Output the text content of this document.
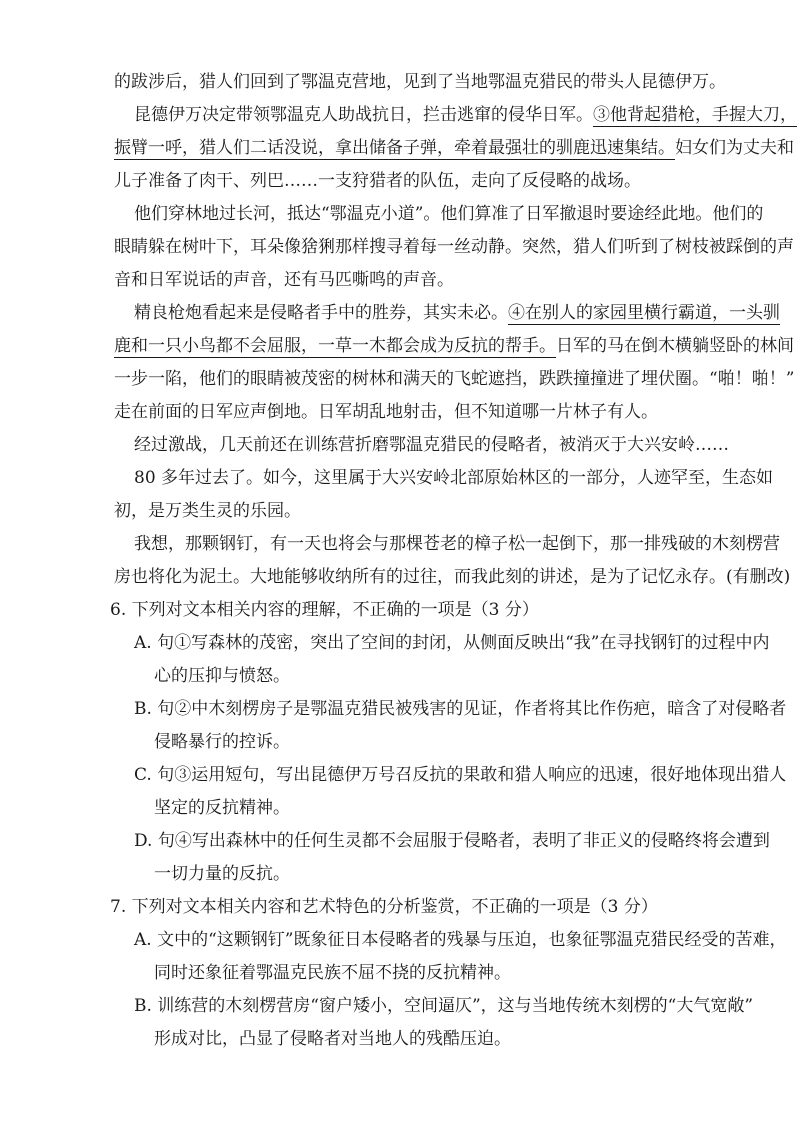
的跋涉后，猎人们回到了鄂温克营地，见到了当地鄂温克猎民的带头人昆德伊万。
昆德伊万决定带领鄂温克人助战抗日，拦击逃窜的侵华日军。③他背起猎枪，手握大刀，
振臂一呼，猎人们二话没说，拿出储备子弹，牵着最强壮的驯鹿迅速集结。妇女们为丈夫和
儿子准备了肉干、列巴……一支狩猎者的队伍，走向了反侵略的战场。
他们穿林地过长河，抵达“鄂温克小道”。他们算准了日军撤退时要途经此地。他们的
眼睛躲在树叶下，耳朵像猞猁那样搜寻着每一丝动静。突然，猎人们听到了树枝被踩倒的声
音和日军说话的声音，还有马匹嘶鸣的声音。
精良枪炮看起来是侵略者手中的胜券，其实未必。④在别人的家园里横行霸道，一头驯
鹿和一只小鸟都不会屈服，一草一木都会成为反抗的帮手。日军的马在倒木横躺竖卧的林间
一步一陷，他们的眼睛被茂密的树林和满天的飞蛇遮挡，跌跌撞撞进了埋伏圈。“啪！啪！”
走在前面的日军应声倒地。日军胡乱地射击，但不知道哪一片林子有人。
经过激战，几天前还在训练营折磨鄂温克猎民的侵略者，被消灭于大兴安岭……
80 多年过去了。如今，这里属于大兴安岭北部原始林区的一部分，人迹罕至，生态如
初，是万类生灵的乐园。
我想，那颗钢钉，有一天也将会与那棵苍老的樟子松一起倒下，那一排残破的木刻楞营
房也将化为泥土。大地能够收纳所有的过往，而我此刻的讲述，是为了记忆永存。(有删改)
6. 下列对文本相关内容的理解，不正确的一项是（3 分）
A. 句①写森林的茂密，突出了空间的封闭，从侧面反映出“我”在寻找钢钉的过程中内
心的压抑与愤怒。
B. 句②中木刻楞房子是鄂温克猎民被残害的见证，作者将其比作伤疤，暗含了对侵略者
侵略暴行的控诉。
C. 句③运用短句，写出昆德伊万号召反抗的果敢和猎人响应的迅速，很好地体现出猎人
坚定的反抗精神。
D. 句④写出森林中的任何生灵都不会屈服于侵略者，表明了非正义的侵略终将会遭到
一切力量的反抗。
7. 下列对文本相关内容和艺术特色的分析鉴赏，不正确的一项是（3 分）
A. 文中的“这颗钢钉”既象征日本侵略者的残暴与压迫，也象征鄂温克猎民经受的苦难，
同时还象征着鄂温克民族不屈不挠的反抗精神。
B. 训练营的木刻楞营房“窗户矮小，空间逼仄”，这与当地传统木刻楞的“大气宽敞”
形成对比，凸显了侵略者对当地人的残酷压迫。
